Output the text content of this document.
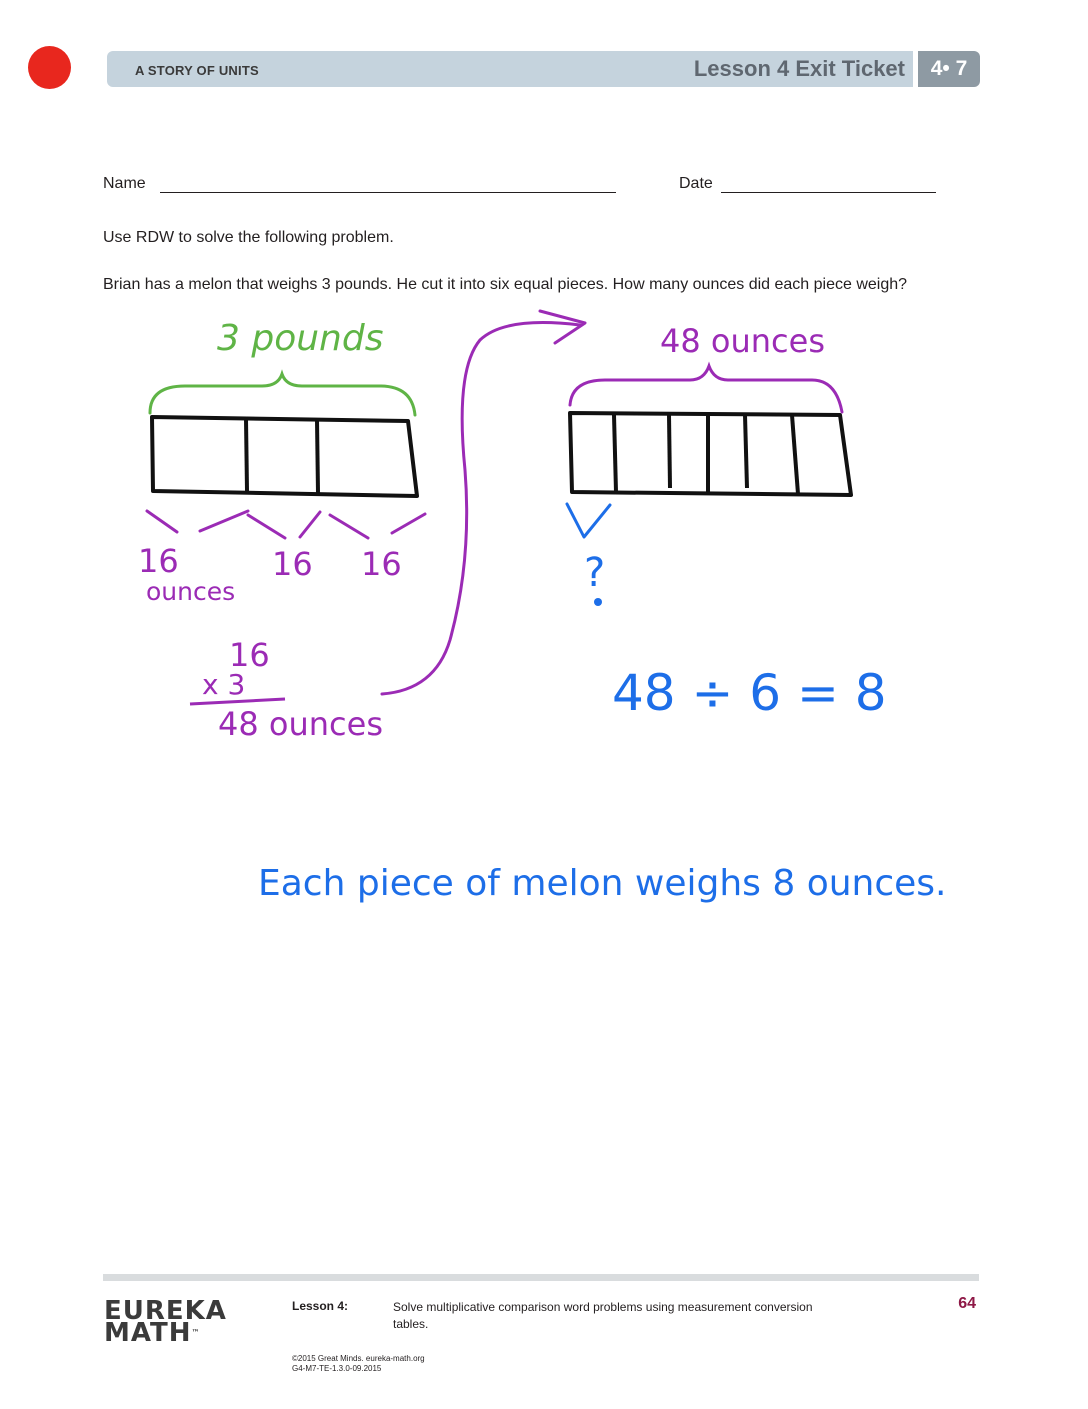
A STORY OF UNITS	Lesson 4 Exit Ticket	4• 7
Name	Date
Use RDW to solve the following problem.
Brian has a melon that weighs 3 pounds. He cut it into six equal pieces. How many ounces did each piece weigh?
3 pounds
16
ounces
16 16
16
x 3
48 ounces
48 ounces
?
48 ÷ 6 = 8
Each piece of melon weighs 8 ounces.
EUREKA
MATH™
Lesson 4:	Solve multiplicative comparison word problems using measurement conversion tables.
64
©2015 Great Minds. eureka-math.org
G4-M7-TE-1.3.0-09.2015
